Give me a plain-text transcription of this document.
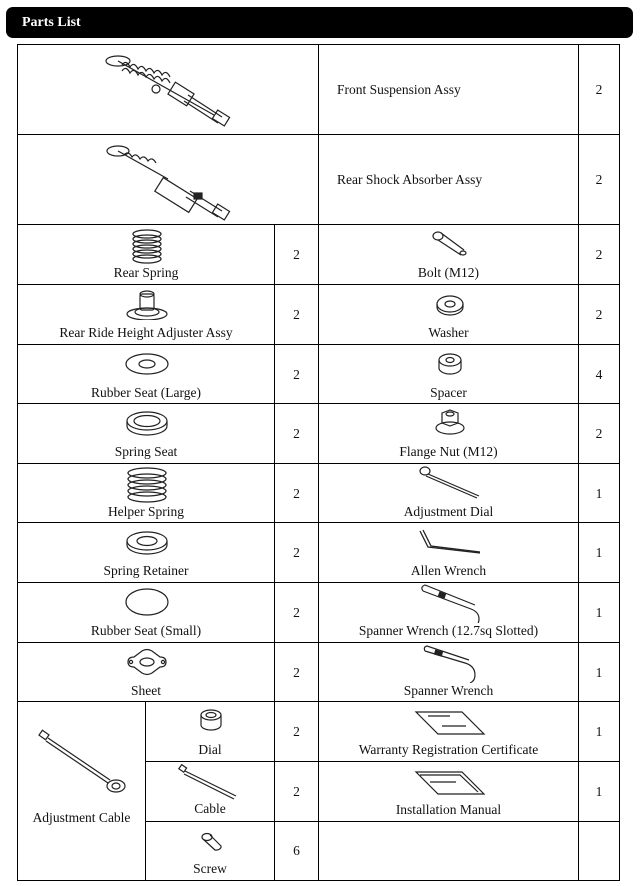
Parts List
Front Suspension Assy	2
Rear Shock Absorber Assy	2
Adjustment Cable
Dial
2
Cable
2
Screw
6
Rear Spring
2
Rear Ride Height Adjuster Assy
2
Rubber Seat (Large)
2
Spring Seat
2
Helper Spring
2
Spring Retainer
2
Rubber Seat (Small)
2
Sheet
2
Bolt (M12)
2
Washer
2
Spacer
4
Flange Nut (M12)
2
Adjustment Dial
1
Allen Wrench
1
Spanner Wrench (12.7sq Slotted)
1
Spanner Wrench
1
Warranty Registration Certificate
1
Installation Manual
1
